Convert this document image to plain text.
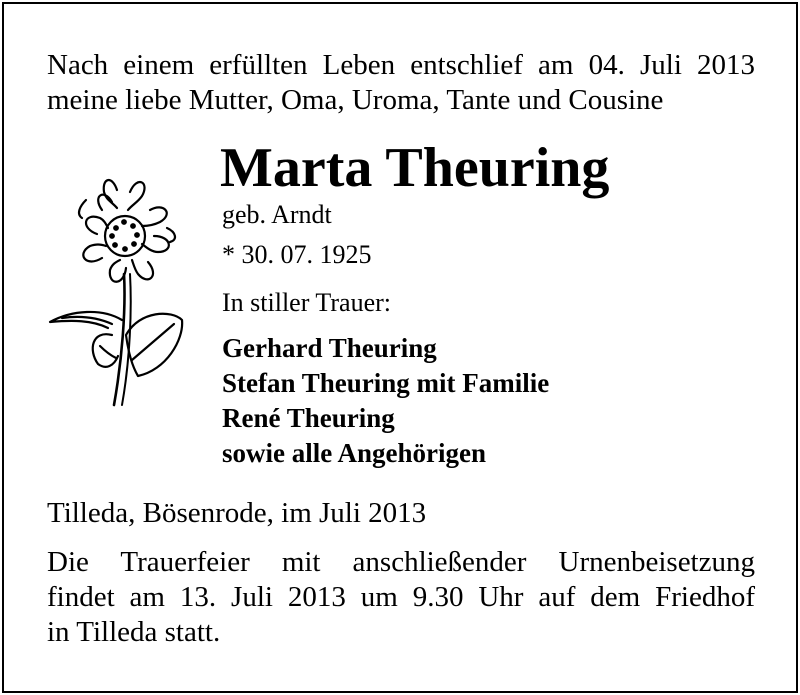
Nach einem erfüllten Leben entschlief am 04. Juli 2013
meine liebe Mutter, Oma, Uroma, Tante und Cousine
Marta Theuring
geb. Arndt
* 30. 07. 1925
In stiller Trauer:
Gerhard Theuring
Stefan Theuring mit Familie
René Theuring
sowie alle Angehörigen
Tilleda, Bösenrode, im Juli 2013
Die Trauerfeier mit anschließender Urnenbeisetzung
findet am 13. Juli 2013 um 9.30 Uhr auf dem Friedhof
in Tilleda statt.
